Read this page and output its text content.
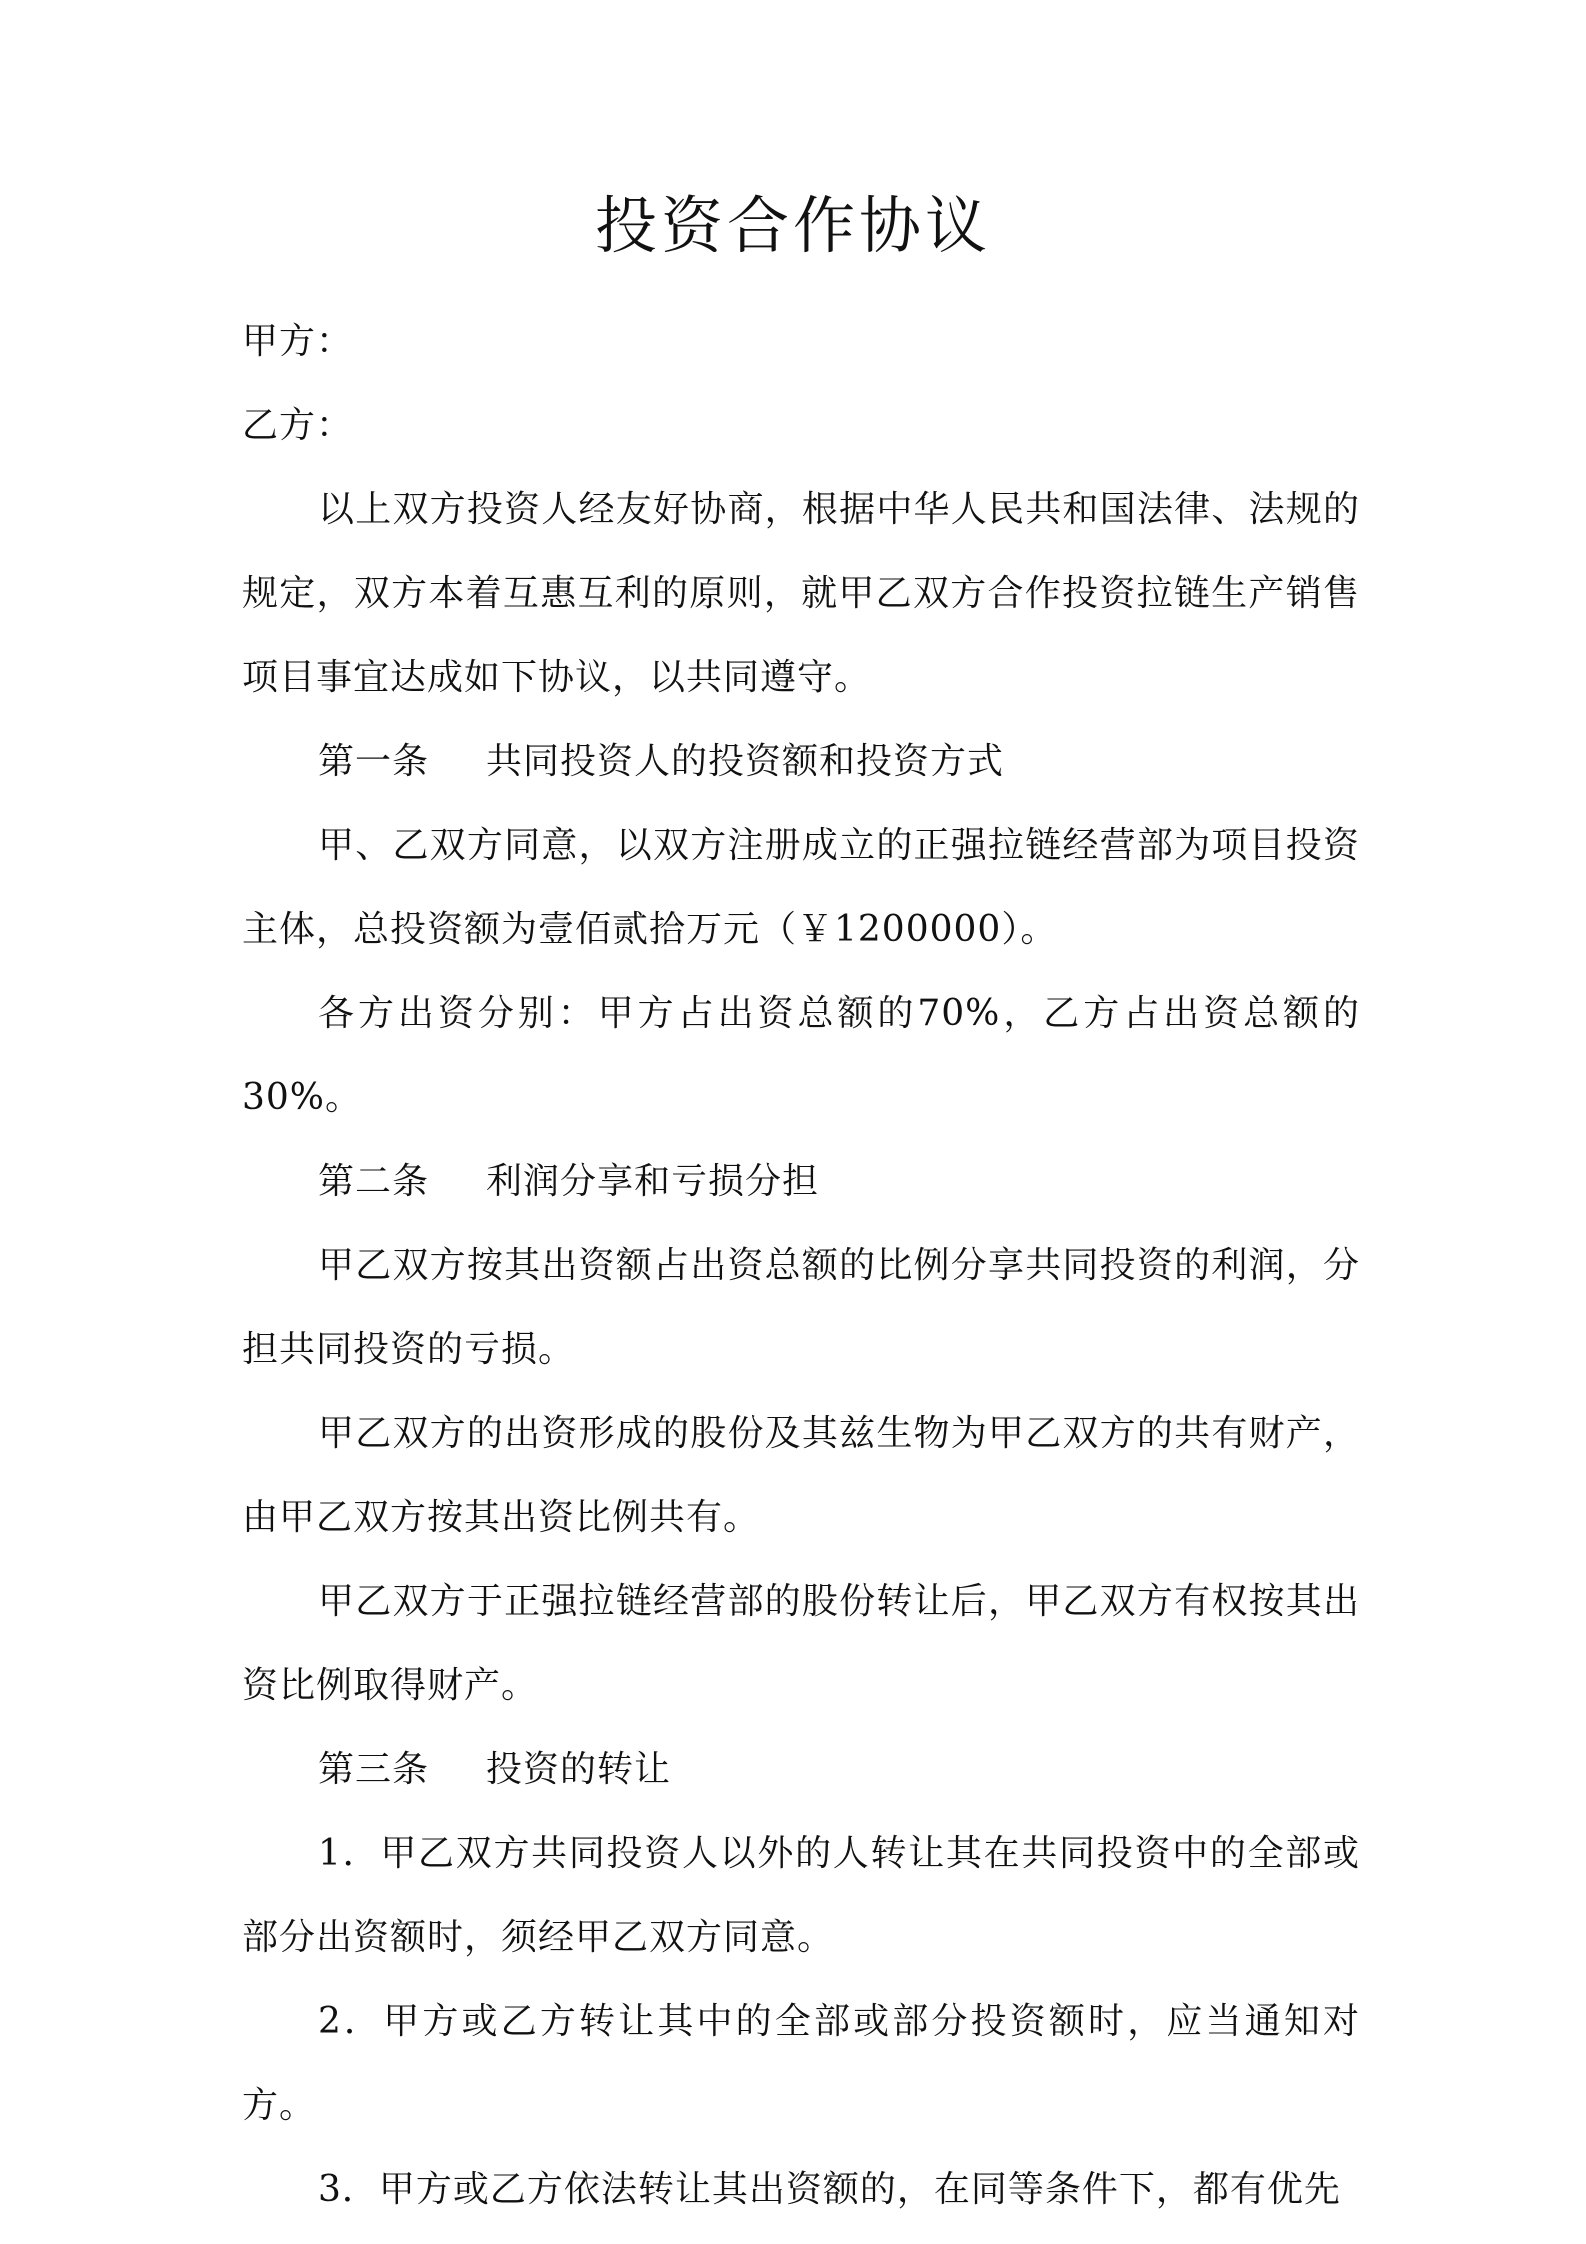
投资合作协议

甲方：

乙方：

以上双方投资人经友好协商，根据中华人民共和国法律、法规的规定，双方本着互惠互利的原则，就甲乙双方合作投资拉链生产销售项目事宜达成如下协议，以共同遵守。

第一条 共同投资人的投资额和投资方式

甲、乙双方同意，以双方注册成立的正强拉链经营部为项目投资主体，总投资额为壹佰贰拾万元（￥1200000）。

各方出资分别：甲方占出资总额的70%，乙方占出资总额的30%。

第二条 利润分享和亏损分担

甲乙双方按其出资额占出资总额的比例分享共同投资的利润，分担共同投资的亏损。

甲乙双方的出资形成的股份及其兹生物为甲乙双方的共有财产，由甲乙双方按其出资比例共有。

甲乙双方于正强拉链经营部的股份转让后，甲乙双方有权按其出资比例取得财产。

第三条 投资的转让

1．甲乙双方共同投资人以外的人转让其在共同投资中的全部或部分出资额时，须经甲乙双方同意。

2．甲方或乙方转让其中的全部或部分投资额时，应当通知对方。

3．甲方或乙方依法转让其出资额的，在同等条件下，都有优先
